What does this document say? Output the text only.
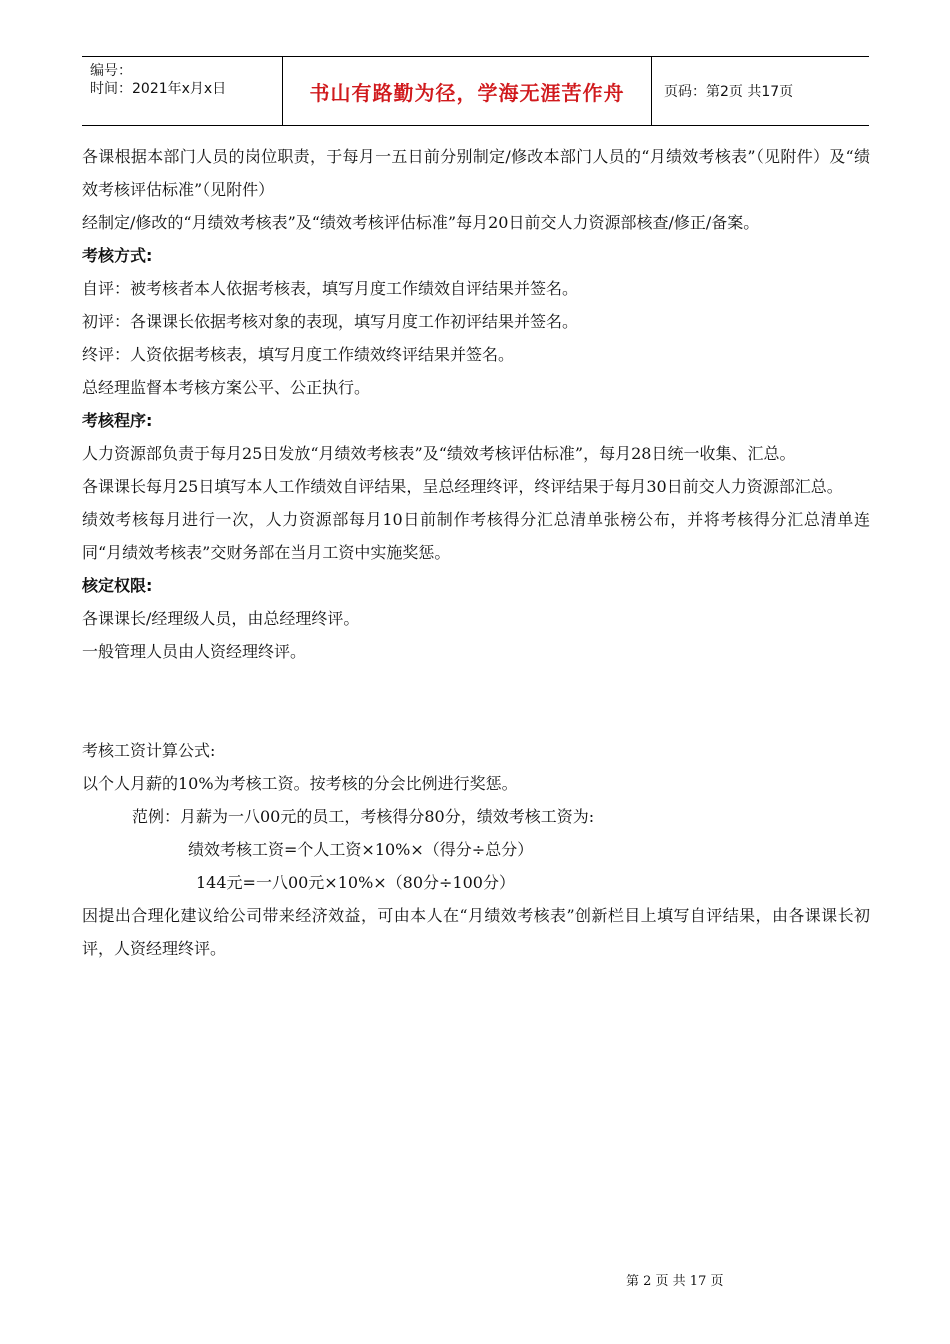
编号：
时间：2021年x月x日	书山有路勤为径，学海无涯苦作舟	页码：第2页 共17页

各课根据本部门人员的岗位职责，于每月一五日前分别制定/修改本部门人员的“月绩效考核表”（见附件）及“绩效考核评估标准”（见附件）

经制定/修改的“月绩效考核表”及“绩效考核评估标准”每月20日前交人力资源部核查/修正/备案。

考核方式:

自评：被考核者本人依据考核表，填写月度工作绩效自评结果并签名。

初评：各课课长依据考核对象的表现，填写月度工作初评结果并签名。

终评：人资依据考核表，填写月度工作绩效终评结果并签名。

总经理监督本考核方案公平、公正执行。

考核程序:

人力资源部负责于每月25日发放“月绩效考核表”及“绩效考核评估标准”，每月28日统一收集、汇总。

各课课长每月25日填写本人工作绩效自评结果，呈总经理终评，终评结果于每月30日前交人力资源部汇总。

绩效考核每月进行一次，人力资源部每月10日前制作考核得分汇总清单张榜公布，并将考核得分汇总清单连同“月绩效考核表”交财务部在当月工资中实施奖惩。

核定权限:

各课课长/经理级人员，由总经理终评。

一般管理人员由人资经理终评。

考核工资计算公式:

以个人月薪的10%为考核工资。按考核的分会比例进行奖惩。

范例：月薪为一八00元的员工，考核得分80分，绩效考核工资为:

绩效考核工资=个人工资×10%×（得分÷总分）

144元=一八00元×10%×（80分÷100分）

因提出合理化建议给公司带来经济效益，可由本人在“月绩效考核表”创新栏目上填写自评结果，由各课课长初评，人资经理终评。

第 2 页 共 17 页
